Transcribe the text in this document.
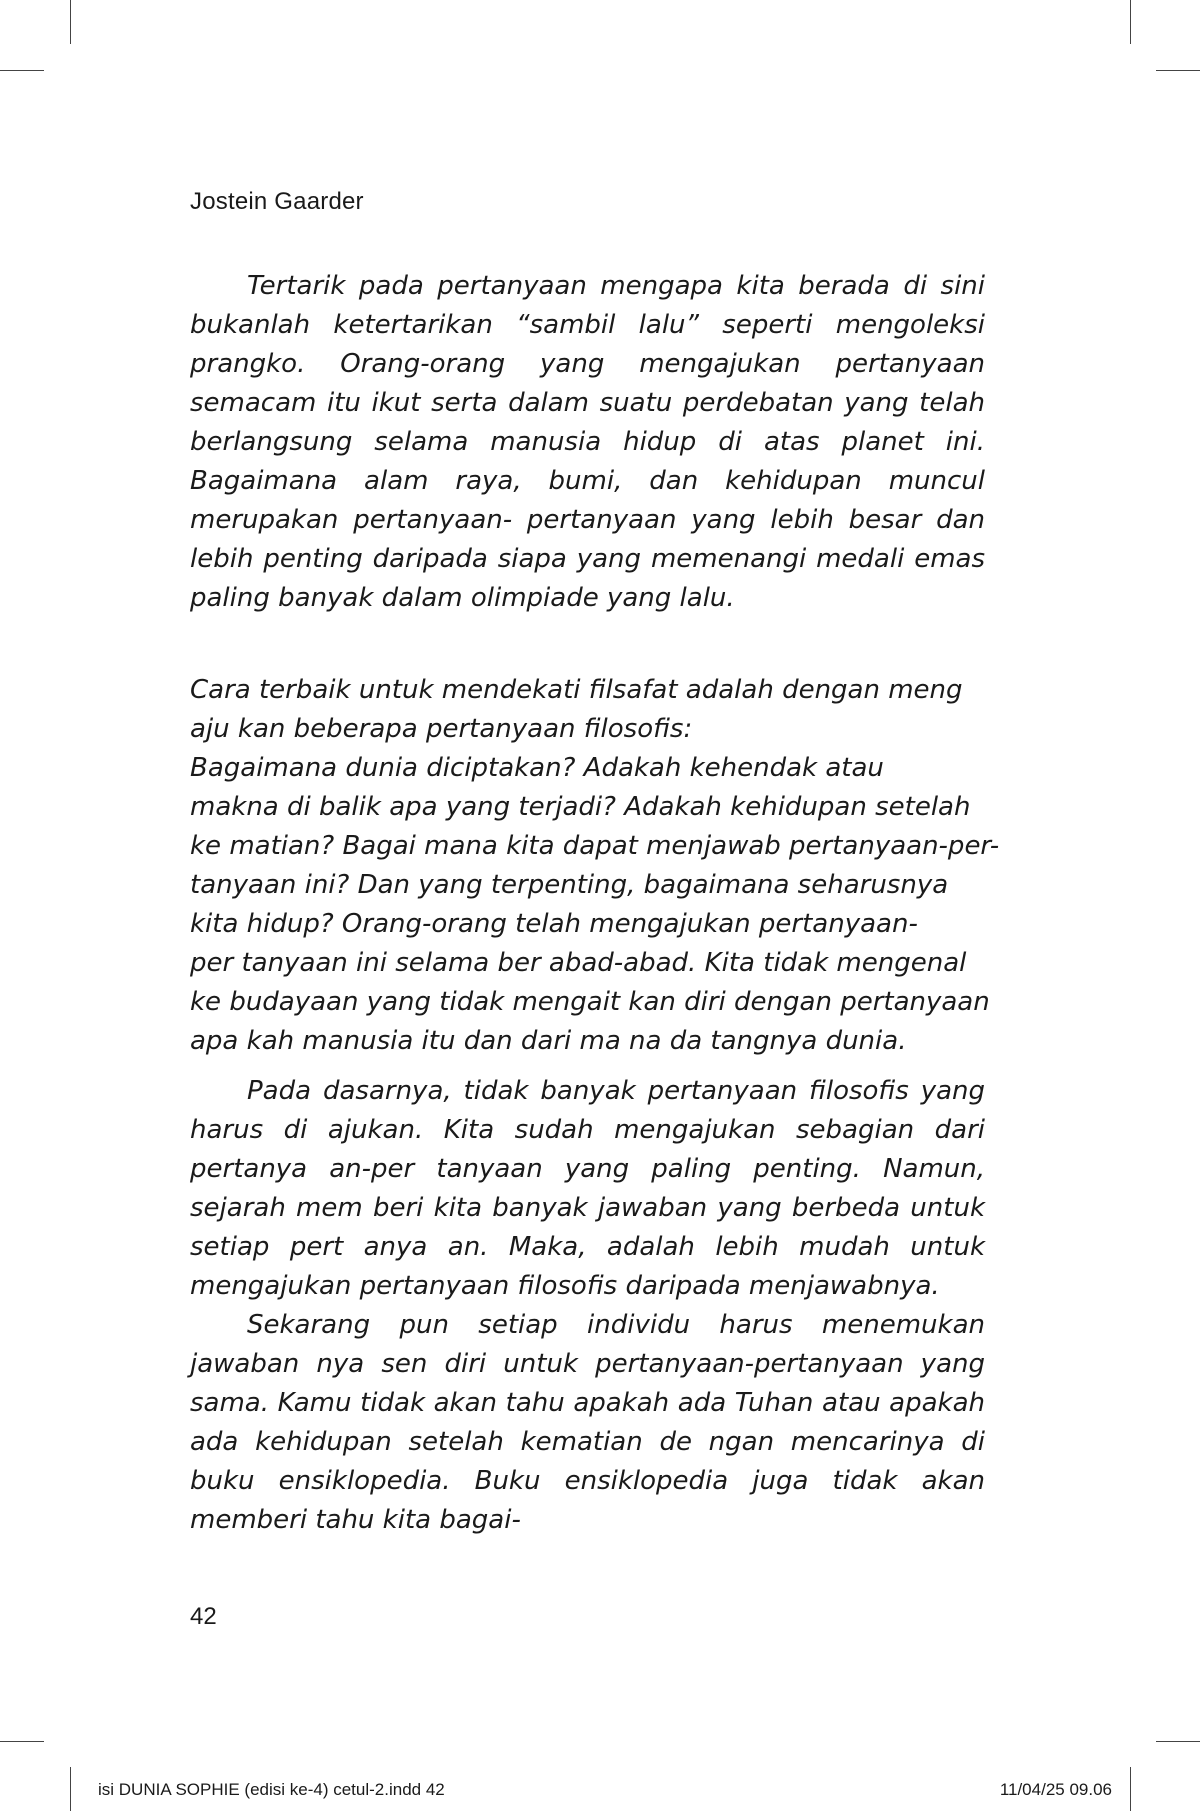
Jostein Gaarder

Tertarik pada pertanyaan mengapa kita berada di sini bukanlah ketertarikan “sambil lalu” seperti mengoleksi prangko. Orang-orang yang mengajukan pertanyaan semacam itu ikut serta dalam suatu perdebatan yang telah berlangsung selama manusia hidup di atas planet ini. Bagaimana alam raya, bumi, dan kehidupan muncul merupakan pertanyaan- pertanyaan yang lebih besar dan lebih penting daripada siapa yang memenangi medali emas paling banyak dalam olimpiade yang lalu.

Cara terbaik untuk mendekati filsafat adalah dengan meng
aju kan beberapa pertanyaan filosofis:
Bagaimana dunia diciptakan? Adakah kehendak atau
makna di balik apa yang terjadi? Adakah kehidupan setelah
ke matian? Bagai mana kita dapat menjawab pertanyaan-per-
tanyaan ini? Dan yang terpenting, bagaimana seharusnya
kita hidup? Orang-orang telah mengajukan pertanyaan-
per tanyaan ini selama ber abad-abad. Kita tidak mengenal
ke budayaan yang tidak mengait kan diri dengan pertanyaan
apa kah manusia itu dan dari ma na da tangnya dunia.

Pada dasarnya, tidak banyak pertanyaan filosofis yang harus di ajukan. Kita sudah mengajukan sebagian dari pertanya an-per tanyaan yang paling penting. Namun, sejarah mem beri kita banyak jawaban yang berbeda untuk setiap pert anya an. Maka, adalah lebih mudah untuk mengajukan pertanyaan filosofis daripada menjawabnya.

Sekarang pun setiap individu harus menemukan jawaban nya sen diri untuk pertanyaan-pertanyaan yang sama. Kamu tidak akan tahu apakah ada Tuhan atau apakah ada kehidupan setelah kematian de ngan mencarinya di buku ensiklopedia. Buku ensiklopedia juga tidak akan memberi tahu kita bagai-

42
isi DUNIA SOPHIE (edisi ke-4) cetul-2.indd 42	11/04/25 09.06
